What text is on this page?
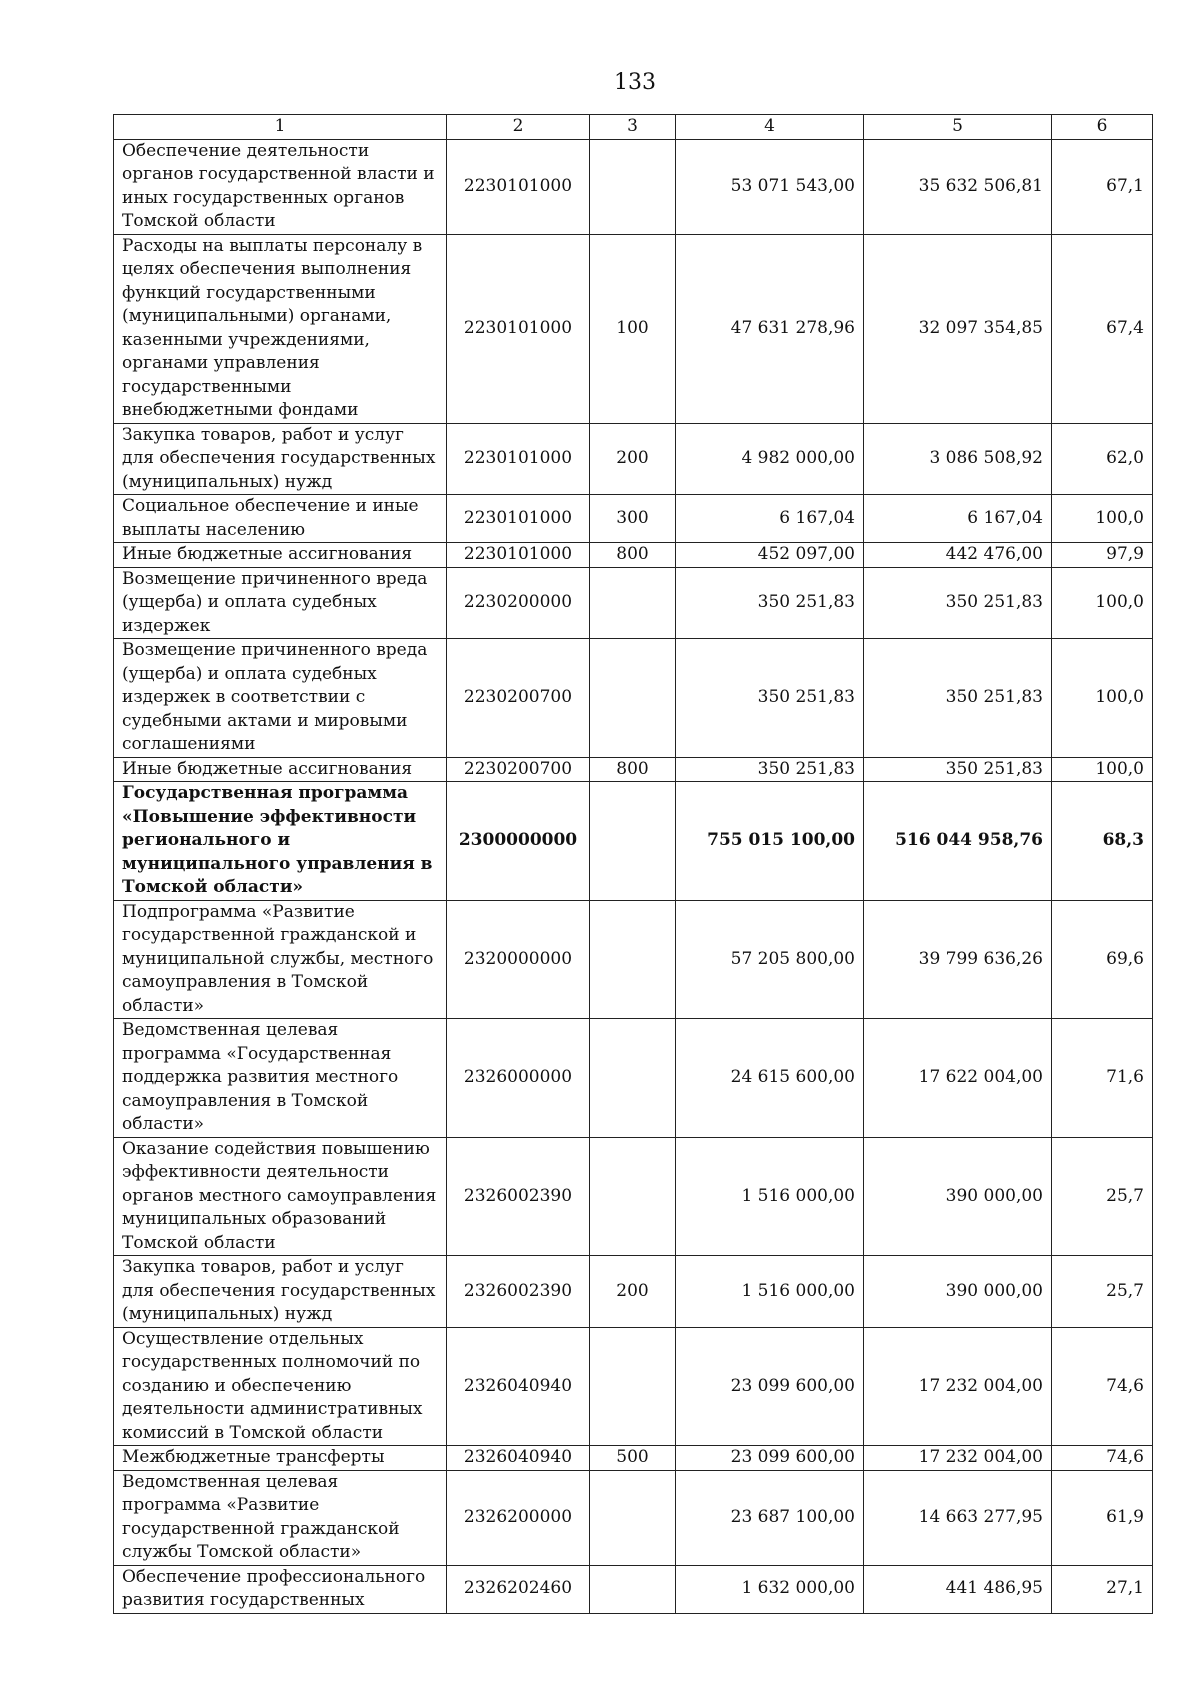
133
1	2	3	4	5	6
Обеспечение деятельности органов государственной власти и иных государственных органов Томской области	2230101000		53 071 543,00	35 632 506,81	67,1
Расходы на выплаты персоналу в целях обеспечения выполнения функций государственными (муниципальными) органами, казенными учреждениями, органами управления государственными внебюджетными фондами	2230101000	100	47 631 278,96	32 097 354,85	67,4
Закупка товаров, работ и услуг для обеспечения государственных (муниципальных) нужд	2230101000	200	4 982 000,00	3 086 508,92	62,0
Социальное обеспечение и иные выплаты населению	2230101000	300	6 167,04	6 167,04	100,0
Иные бюджетные ассигнования	2230101000	800	452 097,00	442 476,00	97,9
Возмещение причиненного вреда (ущерба) и оплата судебных издержек	2230200000		350 251,83	350 251,83	100,0
Возмещение причиненного вреда (ущерба) и оплата судебных издержек в соответствии с судебными актами и мировыми соглашениями	2230200700		350 251,83	350 251,83	100,0
Иные бюджетные ассигнования	2230200700	800	350 251,83	350 251,83	100,0
Государственная программа «Повышение эффективности регионального и муниципального управления в Томской области»	2300000000		755 015 100,00	516 044 958,76	68,3
Подпрограмма «Развитие государственной гражданской и муниципальной службы, местного самоуправления в Томской области»	2320000000		57 205 800,00	39 799 636,26	69,6
Ведомственная целевая программа «Государственная поддержка развития местного самоуправления в Томской области»	2326000000		24 615 600,00	17 622 004,00	71,6
Оказание содействия повышению эффективности деятельности органов местного самоуправления муниципальных образований Томской области	2326002390		1 516 000,00	390 000,00	25,7
Закупка товаров, работ и услуг для обеспечения государственных (муниципальных) нужд	2326002390	200	1 516 000,00	390 000,00	25,7
Осуществление отдельных государственных полномочий по созданию и обеспечению деятельности административных комиссий в Томской области	2326040940		23 099 600,00	17 232 004,00	74,6
Межбюджетные трансферты	2326040940	500	23 099 600,00	17 232 004,00	74,6
Ведомственная целевая программа «Развитие государственной гражданской службы Томской области»	2326200000		23 687 100,00	14 663 277,95	61,9
Обеспечение профессионального развития государственных	2326202460		1 632 000,00	441 486,95	27,1
